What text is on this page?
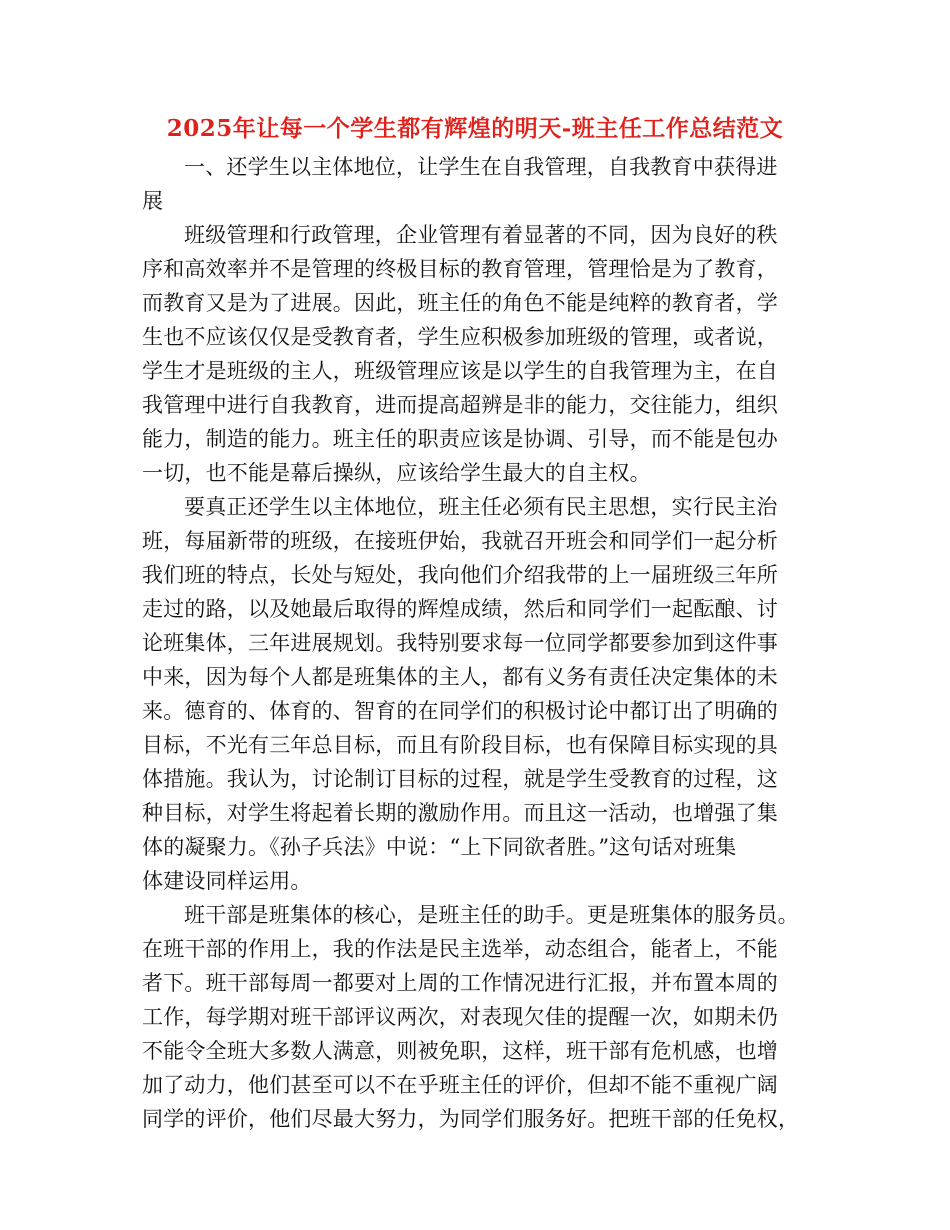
2025年让每一个学生都有辉煌的明天-班主任工作总结范文
一、还学生以主体地位，让学生在自我管理，自我教育中获得进
展
班级管理和行政管理，企业管理有着显著的不同，因为良好的秩
序和高效率并不是管理的终极目标的教育管理，管理恰是为了教育，
而教育又是为了进展。因此，班主任的角色不能是纯粹的教育者，学
生也不应该仅仅是受教育者，学生应积极参加班级的管理，或者说，
学生才是班级的主人，班级管理应该是以学生的自我管理为主，在自
我管理中进行自我教育，进而提高超辨是非的能力，交往能力，组织
能力，制造的能力。班主任的职责应该是协调、引导，而不能是包办
一切，也不能是幕后操纵，应该给学生最大的自主权。
要真正还学生以主体地位，班主任必须有民主思想，实行民主治
班，每届新带的班级，在接班伊始，我就召开班会和同学们一起分析
我们班的特点，长处与短处，我向他们介绍我带的上一届班级三年所
走过的路，以及她最后取得的辉煌成绩，然后和同学们一起酝酿、讨
论班集体，三年进展规划。我特别要求每一位同学都要参加到这件事
中来，因为每个人都是班集体的主人，都有义务有责任决定集体的未
来。德育的、体育的、智育的在同学们的积极讨论中都订出了明确的
目标，不光有三年总目标，而且有阶段目标，也有保障目标实现的具
体措施。我认为，讨论制订目标的过程，就是学生受教育的过程，这
种目标，对学生将起着长期的激励作用。而且这一活动，也增强了集
体的凝聚力。《孙子兵法》中说：“上下同欲者胜。”这句话对班集
体建设同样运用。
班干部是班集体的核心，是班主任的助手。更是班集体的服务员。
在班干部的作用上，我的作法是民主选举，动态组合，能者上，不能
者下。班干部每周一都要对上周的工作情况进行汇报，并布置本周的
工作，每学期对班干部评议两次，对表现欠佳的提醒一次，如期未仍
不能令全班大多数人满意，则被免职，这样，班干部有危机感，也增
加了动力，他们甚至可以不在乎班主任的评价，但却不能不重视广阔
同学的评价，他们尽最大努力，为同学们服务好。把班干部的任免权，
